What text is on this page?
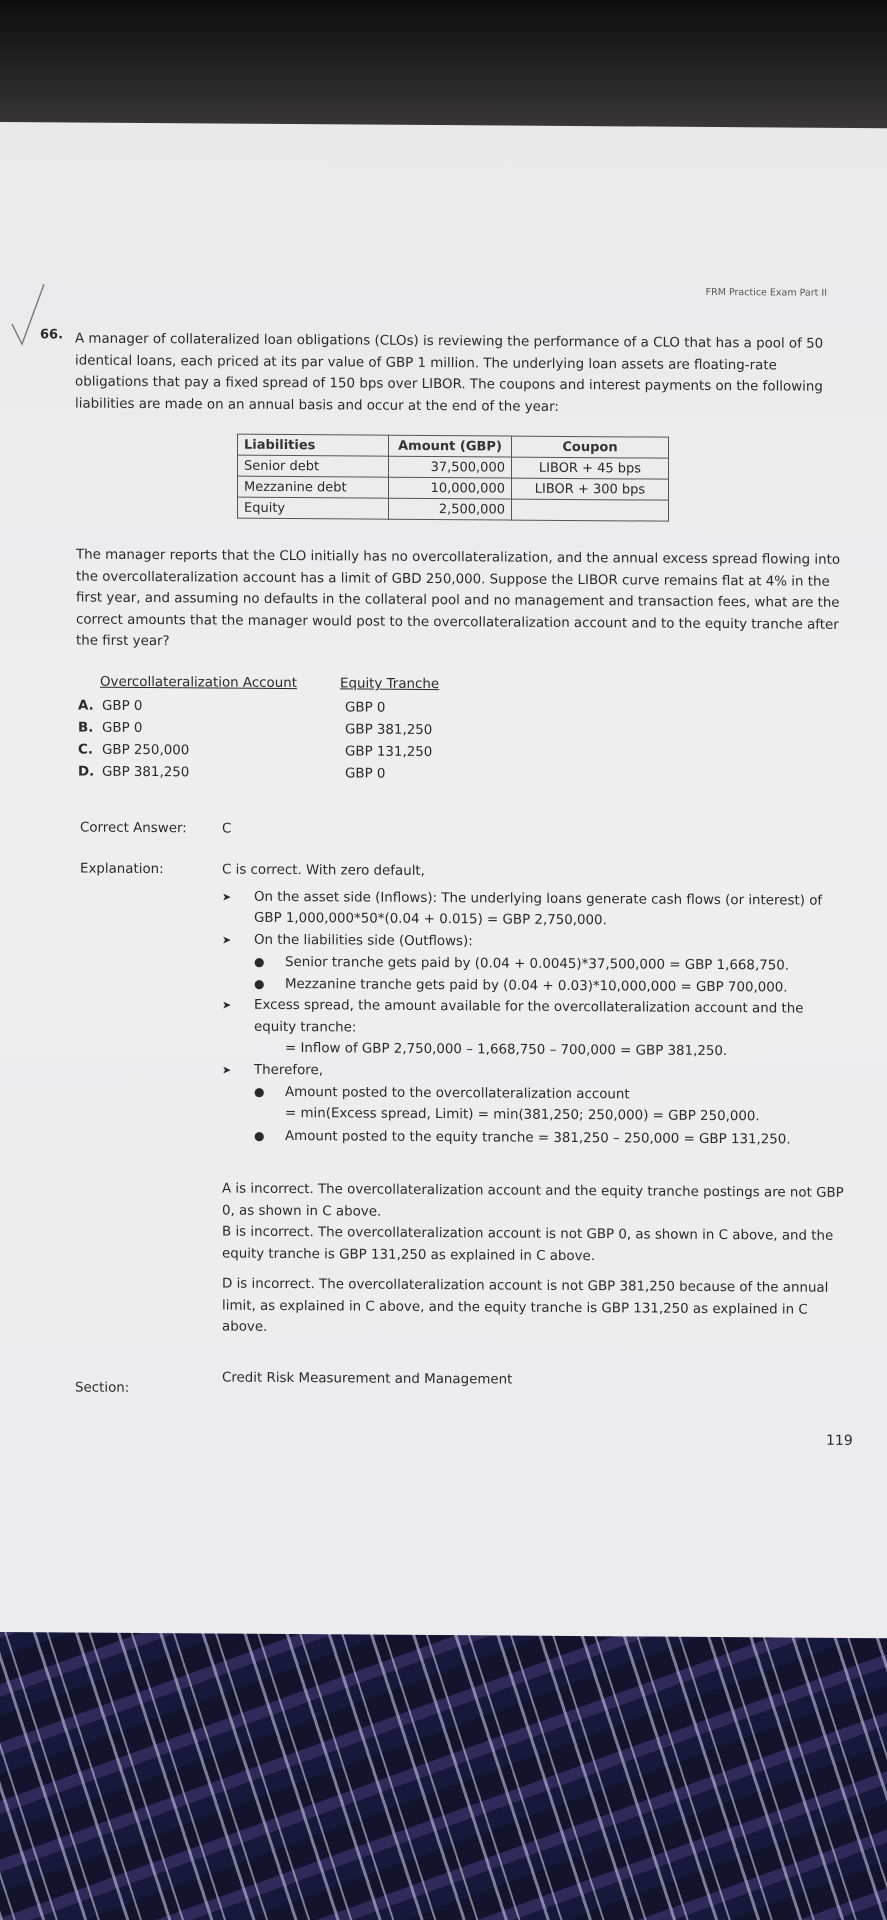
FRM Practice Exam Part II
66. A manager of collateralized loan obligations (CLOs) is reviewing the performance of a CLO that has a pool of 50 identical loans, each priced at its par value of GBP 1 million. The underlying loan assets are floating-rate obligations that pay a fixed spread of 150 bps over LIBOR. The coupons and interest payments on the following liabilities are made on an annual basis and occur at the end of the year:
Liabilities	Amount (GBP)	Coupon
Senior debt	37,500,000	LIBOR + 45 bps
Mezzanine debt	10,000,000	LIBOR + 300 bps
Equity	2,500,000	
The manager reports that the CLO initially has no overcollateralization, and the annual excess spread flowing into the overcollateralization account has a limit of GBD 250,000. Suppose the LIBOR curve remains flat at 4% in the first year, and assuming no defaults in the collateral pool and no management and transaction fees, what are the correct amounts that the manager would post to the overcollateralization account and to the equity tranche after the first year?
Overcollateralization Account	Equity Tranche
A. GBP 0	GBP 0
B. GBP 0	GBP 381,250
C. GBP 250,000	GBP 131,250
D. GBP 381,250	GBP 0
Correct Answer:	C
Explanation:	C is correct. With zero default,
➤ On the asset side (Inflows): The underlying loans generate cash flows (or interest) of
GBP 1,000,000*50*(0.04 + 0.015) = GBP 2,750,000.
➤ On the liabilities side (Outflows):
● Senior tranche gets paid by (0.04 + 0.0045)*37,500,000 = GBP 1,668,750.
● Mezzanine tranche gets paid by (0.04 + 0.03)*10,000,000 = GBP 700,000.
➤ Excess spread, the amount available for the overcollateralization account and the
equity tranche:
= Inflow of GBP 2,750,000 – 1,668,750 – 700,000 = GBP 381,250.
➤ Therefore,
● Amount posted to the overcollateralization account
= min(Excess spread, Limit) = min(381,250; 250,000) = GBP 250,000.
● Amount posted to the equity tranche = 381,250 – 250,000 = GBP 131,250.
A is incorrect. The overcollateralization account and the equity tranche postings are not GBP 0, as shown in C above.
B is incorrect. The overcollateralization account is not GBP 0, as shown in C above, and the equity tranche is GBP 131,250 as explained in C above.
D is incorrect. The overcollateralization account is not GBP 381,250 because of the annual limit, as explained in C above, and the equity tranche is GBP 131,250 as explained in C above.
Section:
Credit Risk Measurement and Management
119
